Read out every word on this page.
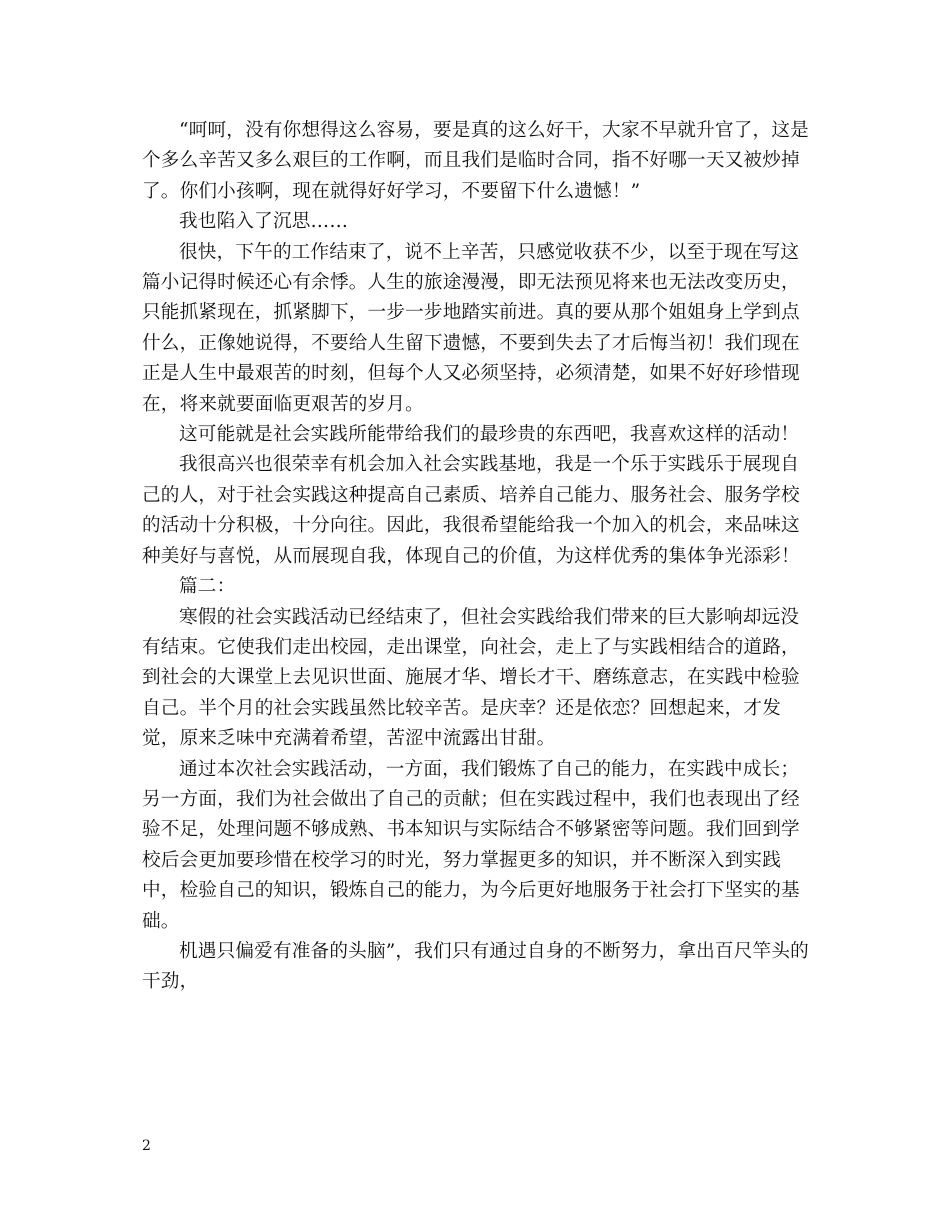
“呵呵，没有你想得这么容易，要是真的这么好干，大家不早就升官了，这是个多么辛苦又多么艰巨的工作啊，而且我们是临时合同，指不好哪一天又被炒掉了。你们小孩啊，现在就得好好学习，不要留下什么遗憾！”

我也陷入了沉思……

很快，下午的工作结束了，说不上辛苦，只感觉收获不少，以至于现在写这篇小记得时候还心有余悸。人生的旅途漫漫，即无法预见将来也无法改变历史，只能抓紧现在，抓紧脚下，一步一步地踏实前进。真的要从那个姐姐身上学到点什么，正像她说得，不要给人生留下遗憾，不要到失去了才后悔当初！我们现在正是人生中最艰苦的时刻，但每个人又必须坚持，必须清楚，如果不好好珍惜现在，将来就要面临更艰苦的岁月。

这可能就是社会实践所能带给我们的最珍贵的东西吧，我喜欢这样的活动！

我很高兴也很荣幸有机会加入社会实践基地，我是一个乐于实践乐于展现自己的人，对于社会实践这种提高自己素质、培养自己能力、服务社会、服务学校的活动十分积极，十分向往。因此，我很希望能给我一个加入的机会，来品味这种美好与喜悦，从而展现自我，体现自己的价值，为这样优秀的集体争光添彩！

篇二：

寒假的社会实践活动已经结束了，但社会实践给我们带来的巨大影响却远没有结束。它使我们走出校园，走出课堂，向社会，走上了与实践相结合的道路，到社会的大课堂上去见识世面、施展才华、增长才干、磨练意志，在实践中检验自己。半个月的社会实践虽然比较辛苦。是庆幸？还是依恋？回想起来，才发觉，原来乏味中充满着希望，苦涩中流露出甘甜。

通过本次社会实践活动，一方面，我们锻炼了自己的能力，在实践中成长；另一方面，我们为社会做出了自己的贡献；但在实践过程中，我们也表现出了经验不足，处理问题不够成熟、书本知识与实际结合不够紧密等问题。我们回到学校后会更加要珍惜在校学习的时光，努力掌握更多的知识，并不断深入到实践中，检验自己的知识，锻炼自己的能力，为今后更好地服务于社会打下坚实的基础。

机遇只偏爱有准备的头脑”，我们只有通过自身的不断努力，拿出百尺竿头的干劲，

2
